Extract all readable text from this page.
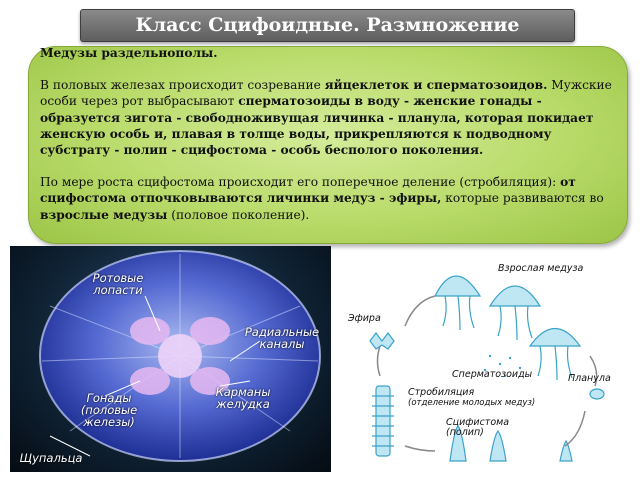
Класс Сцифоидные. Размножение

Медузы раздельнополы.

В половых железах происходит созревание яйцеклеток и сперматозоидов. Мужские особи через рот выбрасывают сперматозоиды в воду - женские гонады - образуется зигота - свободноживущая личинка - планула, которая покидает женскую особь и, плавая в толще воды, прикрепляются к подводному субстрату - полип - сцифостома - особь бесполого поколения.

По мере роста сцифостома происходит его поперечное деление (стробиляция): от сцифостома отпочковываются личинки медуз - эфиры, которые развиваются во взрослые медузы (половое поколение).

Ротовые
лопасти
Радиальные
каналы
Гонады
(половые железы)
Карманы
желудка
Щупальца
Взрослая медуза
Эфира
Сперматозоиды	Планула
Стробиляция
(отделение молодых медуз)
Сцифистома
(полип)
